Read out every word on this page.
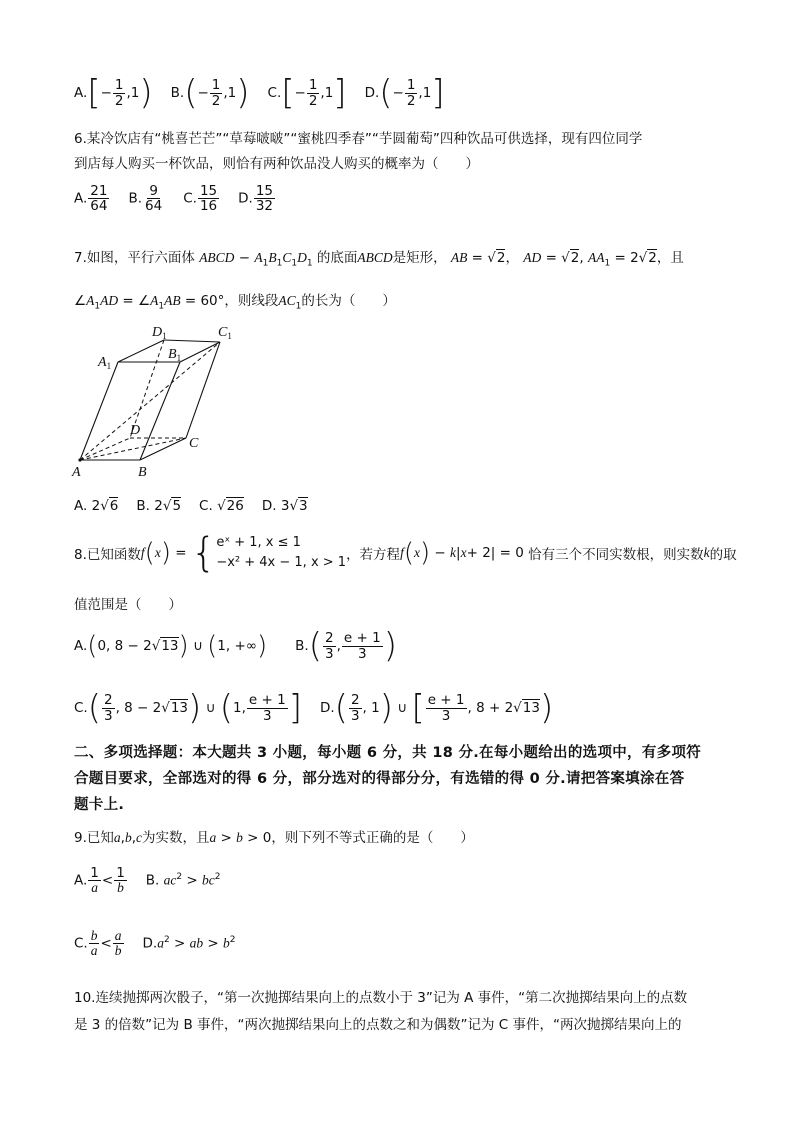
$A.[- \frac{1}{2} ,1)$ $B.(- \frac{1}{2} ,1)$ $C.[- \frac{1}{2} ,1]$ $D.(- \frac{1}{2} ,1]$
6.某冷饮店有“桃喜芒芒”“草莓啵啵”“蜜桃四季春”“芋圆葡萄”四种饮品可供选择，现有四位同学
到店每人购买一杯饮品，则恰有两种饮品没人购买的概率为（　　）
A. $\frac{21}{64} B$. $\frac{9}{64} C$. $\frac{15}{16} D$. $\frac{15}{32}$
7.如图，平行六面体 ABCD − $A_1B_1C_1D_1$ 的底面ABCD是矩形， AB = √2， AD = √2, $AA_1 = 2√2$，且
$\angle A_1AD$ = $\angle A_1AB = 60^\circ$，则线段$AC_1$的长为（　　）
$D_1$	$C_1$
$A_1$
$B_1$
D
C
A	B
A. 2√6 B. 2√5 C. √26 D. 3√3
8.已知函数 f ( x ) = { eˣ + 1, x ≤ 1
−x² + 4x − 1, x > 1 ，若方程 f ( x ) − k | x + 2| = 0 恰有三个不同实数根，则实数 k 的取
值范围是（　　）
A.(0, 8 − 2√13) ∪ (1, +∞) $B.( \frac{2}{3}$ , $\frac{e + 1}{3}$ )
$C.( \frac{2}{3}$ , 8 − 2√13) ∪ (1, $\frac{e + 1}{3}$ ] $D.( \frac{2}{3}$ , 1) ∪ [ $\frac{e + 1}{3}$ , 8 + 2√13)
二、多项选择题：本大题共 3 小题，每小题 6 分，共 18 分.在每小题给出的选项中，有多项符
合题目要求，全部选对的得 6 分，部分选对的得部分分，有选错的得 0 分.请把答案填涂在答
题卡上.
9.已知a,b,c为实数，且a > b > 0，则下列不等式正确的是（　　）
A. $\frac{1}{a} < \frac{1}{b} B$. $ac^2 > bc^2$
C. $\frac{b}{a} < \frac{a}{b} D.a^2$ > ab > $b^2$
10.连续抛掷两次骰子，“第一次抛掷结果向上的点数小于 3”记为 A 事件，“第二次抛掷结果向上的点数
是 3 的倍数”记为 B 事件，“两次抛掷结果向上的点数之和为偶数”记为 C 事件，“两次抛掷结果向上的
